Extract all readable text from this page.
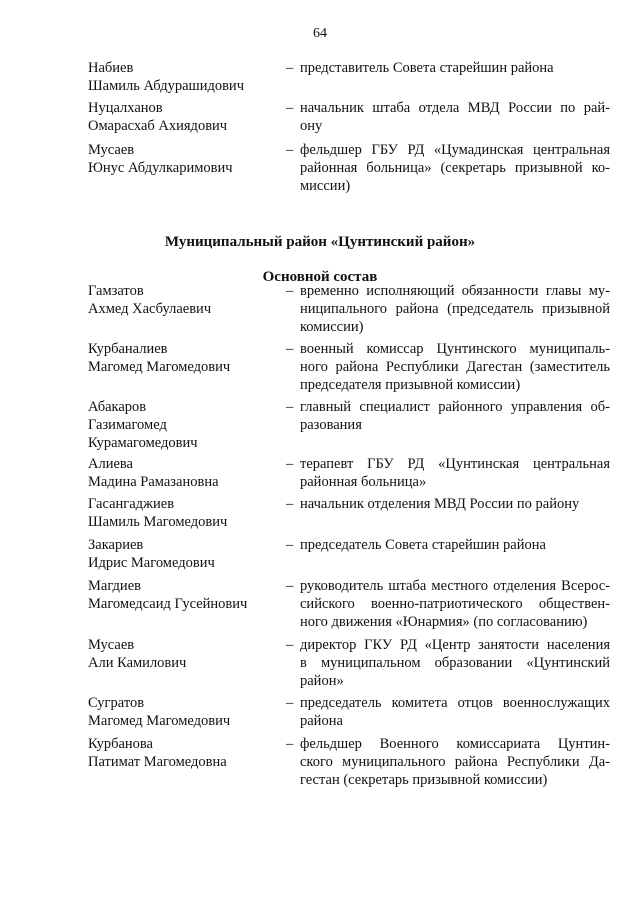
64
Набиев
Шамиль Абдурашидович
– представитель Совета старейшин района
Нуцалханов
Омарасхаб Ахиядович
– начальник штаба отдела МВД России по рай-
ону
Мусаев
Юнус Абдулкаримович
– фельдшер ГБУ РД «Цумадинская центральная
районная больница» (секретарь призывной ко-
миссии)
Муниципальный район «Цунтинский район»
Основной состав
Гамзатов
Ахмед Хасбулаевич
– временно исполняющий обязанности главы му-
ниципального района (председатель призывной
комиссии)
Курбаналиев
Магомед Магомедович
– военный комиссар Цунтинского муниципаль-
ного района Республики Дагестан (заместитель
председателя призывной комиссии)
Абакаров
Газимагомед
Курамагомедович
– главный специалист районного управления об-
разования
Алиева
Мадина Рамазановна
– терапевт ГБУ РД «Цунтинская центральная
районная больница»
Гасангаджиев
Шамиль Магомедович
– начальник отделения МВД России по району
Закариев
Идрис Магомедович
– председатель Совета старейшин района
Магдиев
Магомедсаид Гусейнович
– руководитель штаба местного отделения Всерос-
сийского военно-патриотического обществен-
ного движения «Юнармия» (по согласованию)
Мусаев
Али Камилович
– директор ГКУ РД «Центр занятости населения
в муниципальном образовании «Цунтинский
район»
Сугратов
Магомед Магомедович
– председатель комитета отцов военнослужащих
района
Курбанова
Патимат Магомедовна
– фельдшер Военного комиссариата Цунтин-
ского муниципального района Республики Да-
гестан (секретарь призывной комиссии)
